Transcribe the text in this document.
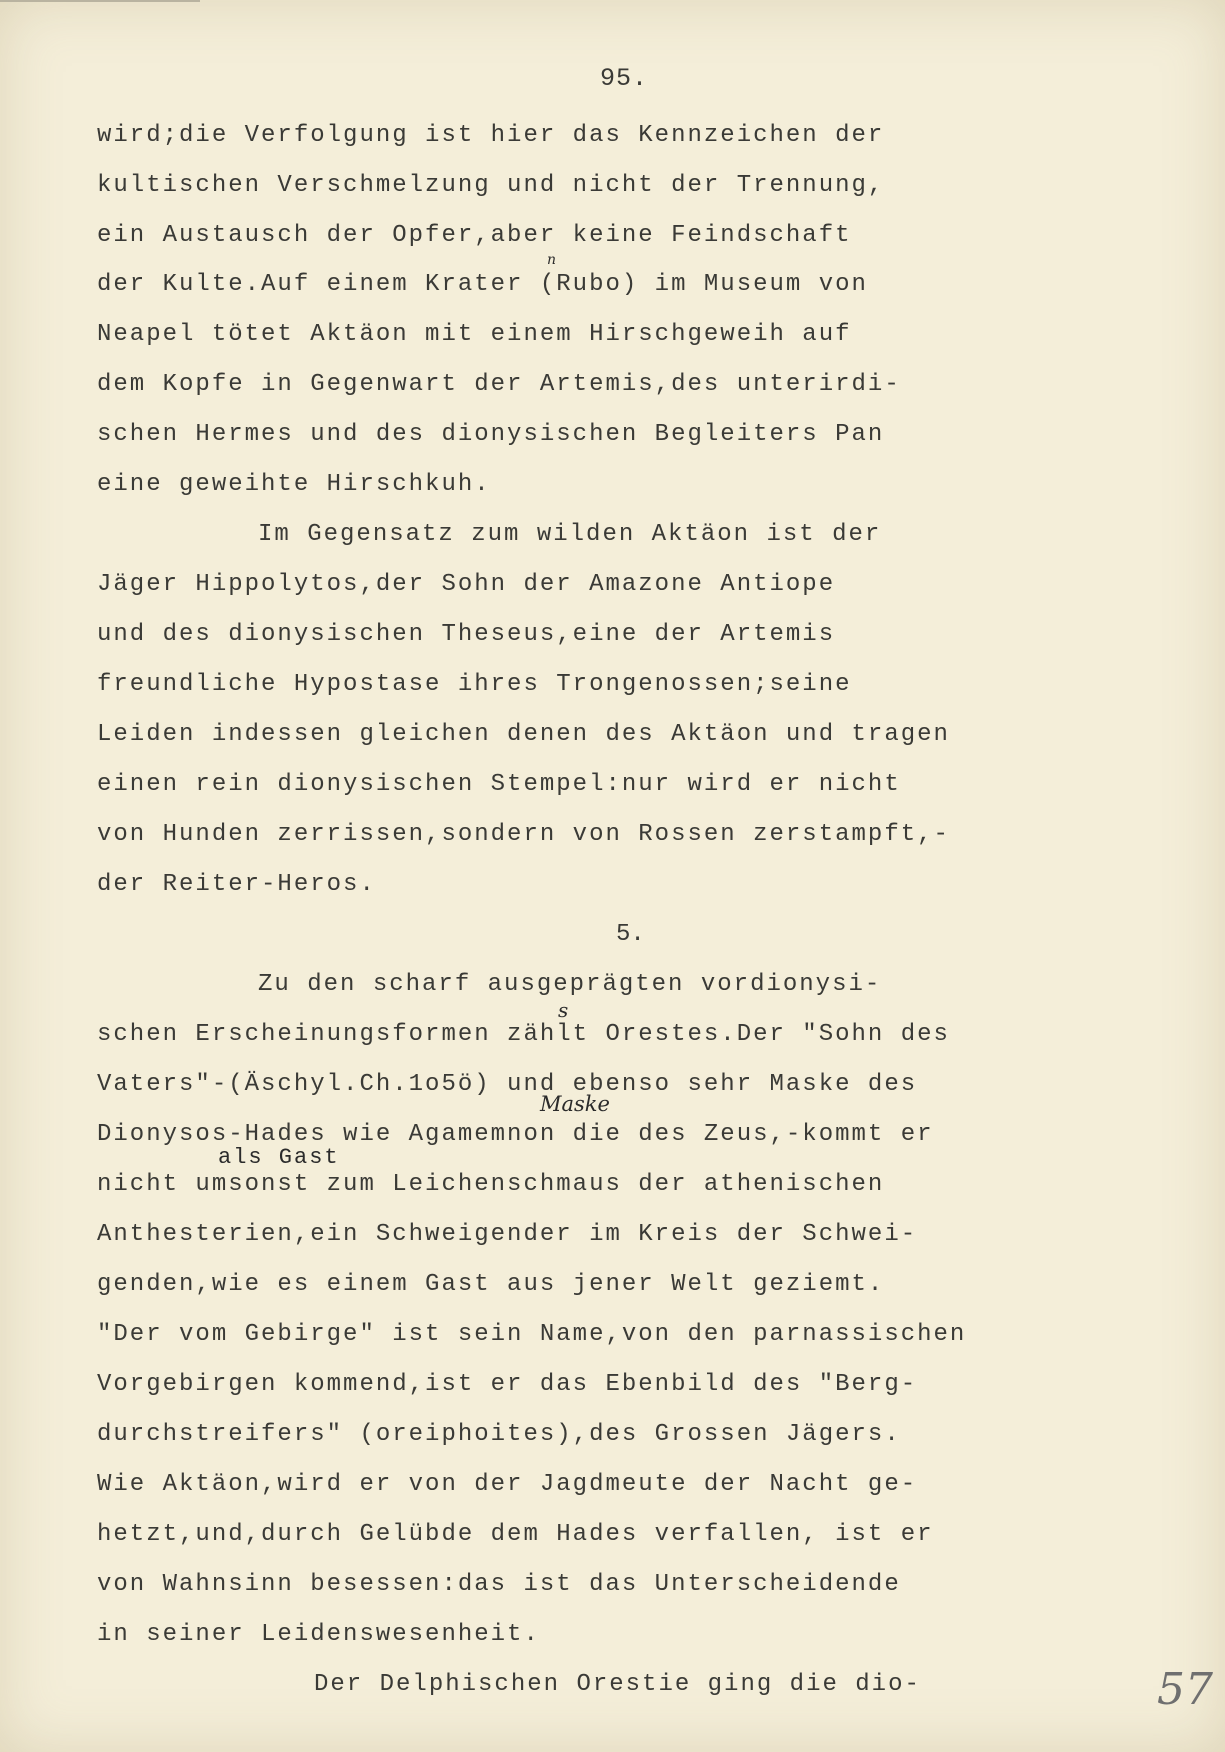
95.
wird;die Verfolgung ist hier das Kennzeichen der
kultischen Verschmelzung und nicht der Trennung,
ein Austausch der Opfer,aber keine Feindschaft
der Kulte.Auf einem Krater (Rubo) im Museum von
Neapel tötet Aktäon mit einem Hirschgeweih auf
dem Kopfe in Gegenwart der Artemis,des unterirdi-
schen Hermes und des dionysischen Begleiters Pan
eine geweihte Hirschkuh.
Im Gegensatz zum wilden Aktäon ist der
Jäger Hippolytos,der Sohn der Amazone Antiope
und des dionysischen Theseus,eine der Artemis
freundliche Hypostase ihres Trongenossen;seine
Leiden indessen gleichen denen des Aktäon und tragen
einen rein dionysischen Stempel:nur wird er nicht
von Hunden zerrissen,sondern von Rossen zerstampft,-
der Reiter-Heros.
5.
Zu den scharf ausgeprägten vordionysi-
schen Erscheinungsformen zählt Orestes.Der "Sohn des
Vaters"-(Äschyl.Ch.1o5ö) und ebenso sehr Maske des
Dionysos-Hades wie Agamemnon die des Zeus,-kommt er
nicht umsonst zum Leichenschmaus der athenischen
Anthesterien,ein Schweigender im Kreis der Schwei-
genden,wie es einem Gast aus jener Welt geziemt.
"Der vom Gebirge" ist sein Name,von den parnassischen
Vorgebirgen kommend,ist er das Ebenbild des "Berg-
durchstreifers" (oreiphoites),des Grossen Jägers.
Wie Aktäon,wird er von der Jagdmeute der Nacht ge-
hetzt,und,durch Gelübde dem Hades verfallen, ist er
von Wahnsinn besessen:das ist das Unterscheidende
in seiner Leidenswesenheit.
Der Delphischen Orestie ging die dio-
n
s
Maske
als Gast
57
